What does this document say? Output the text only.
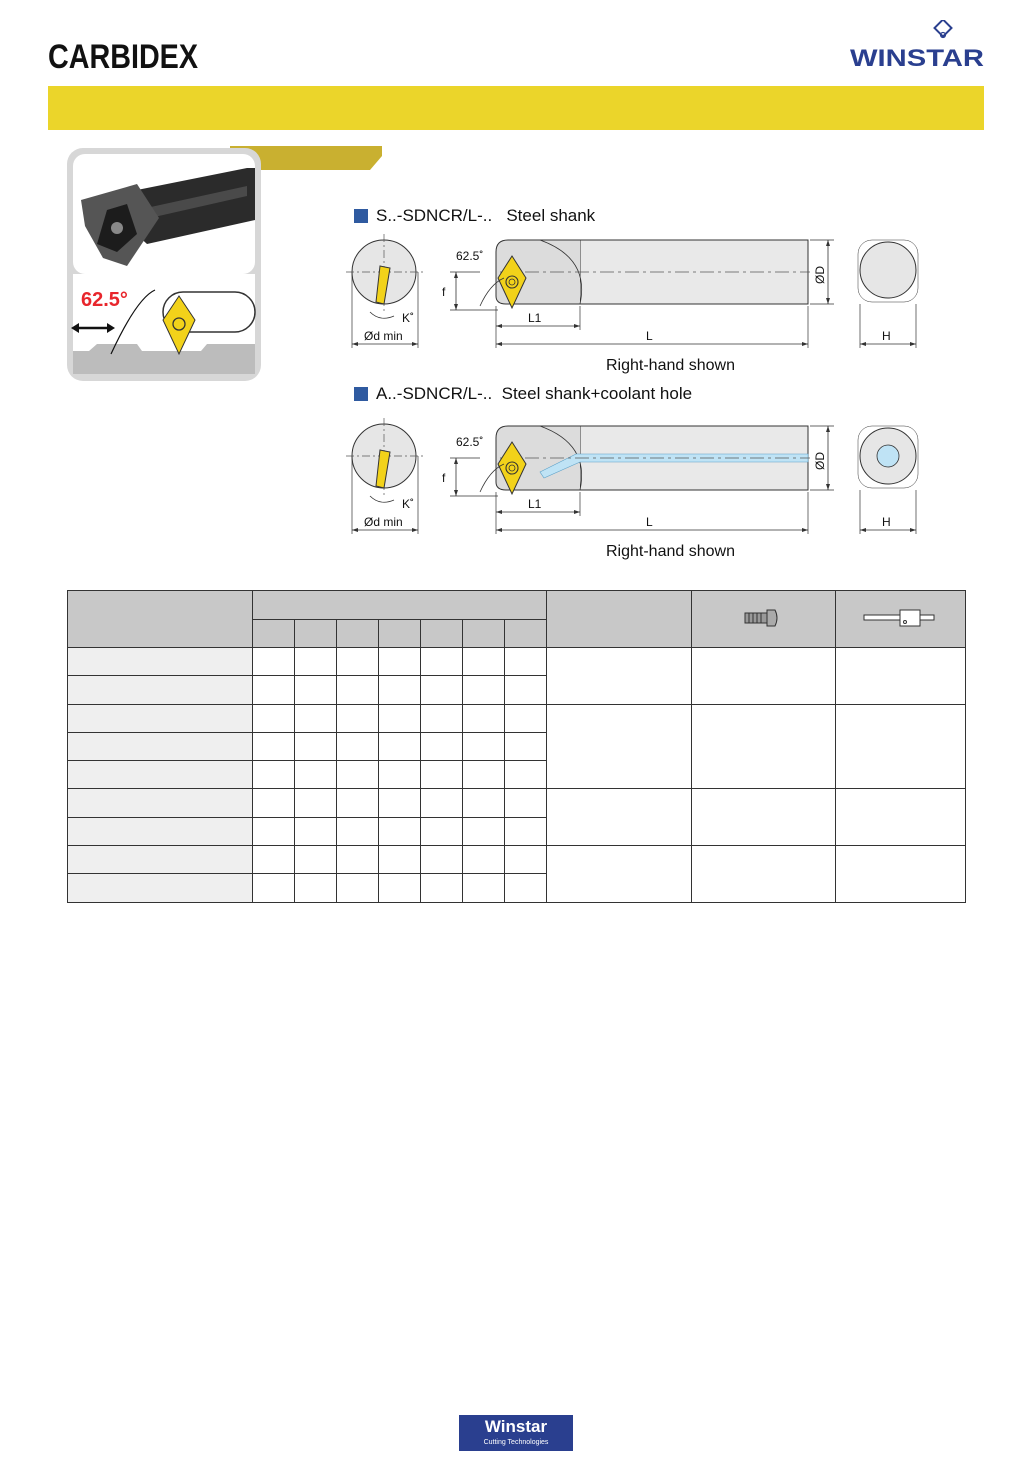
CARBIDEX	WINSTAR
62.5°
S..-SDNCR/L-..   Steel shank
Ød min
K˚
62.5˚
f
L1
L
ØD
H
Right-hand shown
A..-SDNCR/L-..  Steel shank+coolant hole
Ød min
K˚
62.5˚
f
L1
L
ØD
H
Right-hand shown

Winstar
Cutting Technologies
